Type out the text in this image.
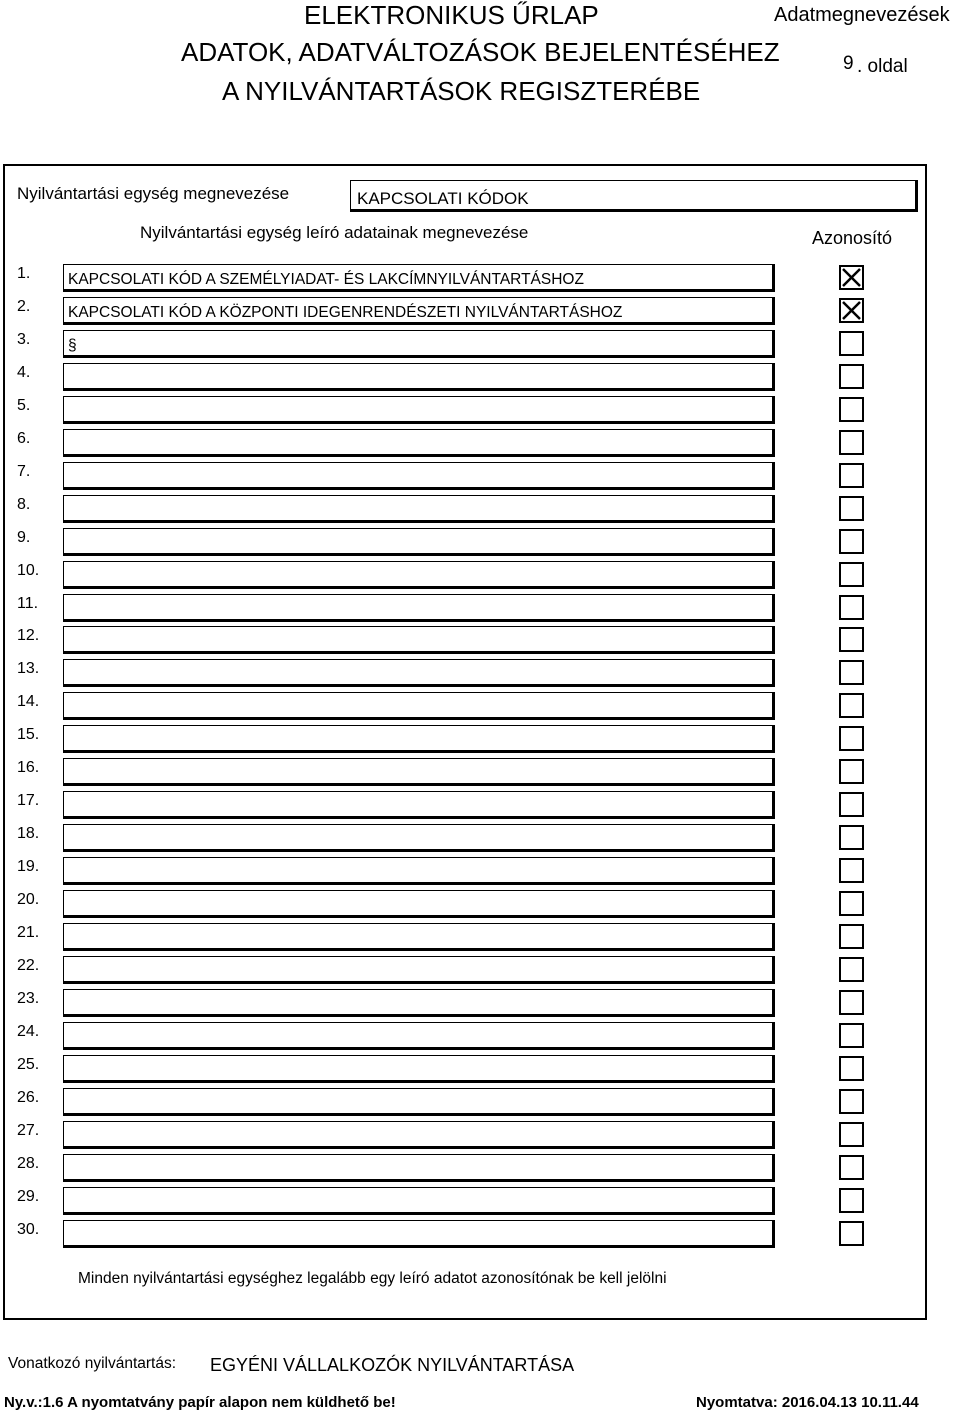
ELEKTRONIKUS ŰRLAP
ADATOK, ADATVÁLTOZÁSOK BEJELENTÉSÉHEZ
A NYILVÁNTARTÁSOK REGISZTERÉBE
Adatmegnevezések
9 . oldal
Nyilvántartási egység megnevezése	KAPCSOLATI KÓDOK
Nyilvántartási egység leíró adatainak megnevezése	Azonosító
1. KAPCSOLATI KÓD A SZEMÉLYIADAT- ÉS LAKCÍMNYILVÁNTARTÁSHOZ
2. KAPCSOLATI KÓD A KÖZPONTI IDEGENRENDÉSZETI NYILVÁNTARTÁSHOZ
3. §
4.
5.
6.
7.
8.
9.
10.
11.
12.
13.
14.
15.
16.
17.
18.
19.
20.
21.
22.
23.
24.
25.
26.
27.
28.
29.
30.
Minden nyilvántartási egységhez legalább egy leíró adatot azonosítónak be kell jelölni
Vonatkozó nyilvántartás: EGYÉNI VÁLLALKOZÓK NYILVÁNTARTÁSA
Ny.v.:1.6 A nyomtatvány papír alapon nem küldhető be!	Nyomtatva: 2016.04.13 10.11.44
